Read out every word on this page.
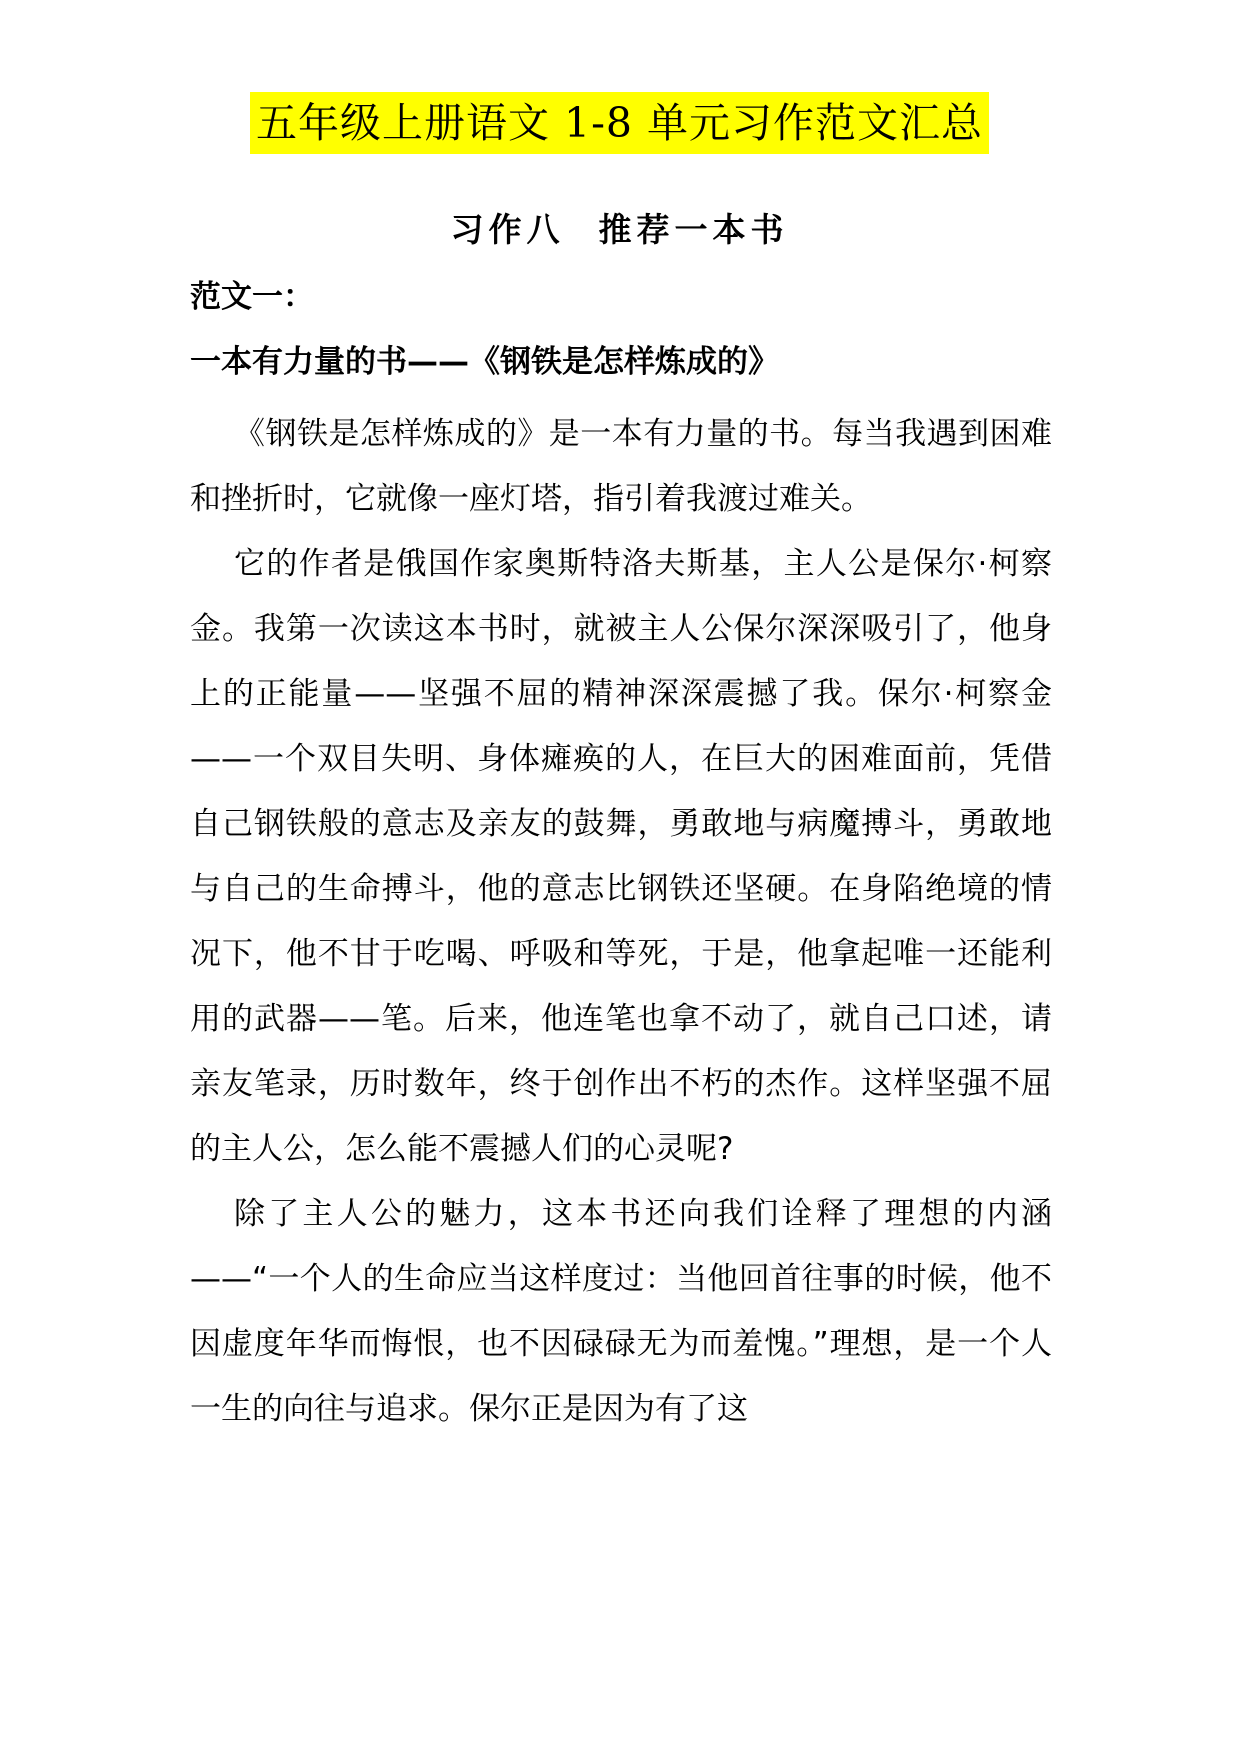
五年级上册语文 1-8 单元习作范文汇总
习作八 推荐一本书
范文一：
一本有力量的书——《钢铁是怎样炼成的》

《钢铁是怎样炼成的》是一本有力量的书。每当我遇到困难和挫折时，它就像一座灯塔，指引着我渡过难关。

它的作者是俄国作家奥斯特洛夫斯基，主人公是保尔·柯察金。我第一次读这本书时，就被主人公保尔深深吸引了，他身上的正能量——坚强不屈的精神深深震撼了我。保尔·柯察金——一个双目失明、身体瘫痪的人，在巨大的困难面前，凭借自己钢铁般的意志及亲友的鼓舞，勇敢地与病魔搏斗，勇敢地与自己的生命搏斗，他的意志比钢铁还坚硬。在身陷绝境的情况下，他不甘于吃喝、呼吸和等死，于是，他拿起唯一还能利用的武器——笔。后来，他连笔也拿不动了，就自己口述，请亲友笔录，历时数年，终于创作出不朽的杰作。这样坚强不屈的主人公，怎么能不震撼人们的心灵呢?

除了主人公的魅力，这本书还向我们诠释了理想的内涵——“一个人的生命应当这样度过：当他回首往事的时候，他不因虚度年华而悔恨，也不因碌碌无为而羞愧。”理想，是一个人一生的向往与追求。保尔正是因为有了这
